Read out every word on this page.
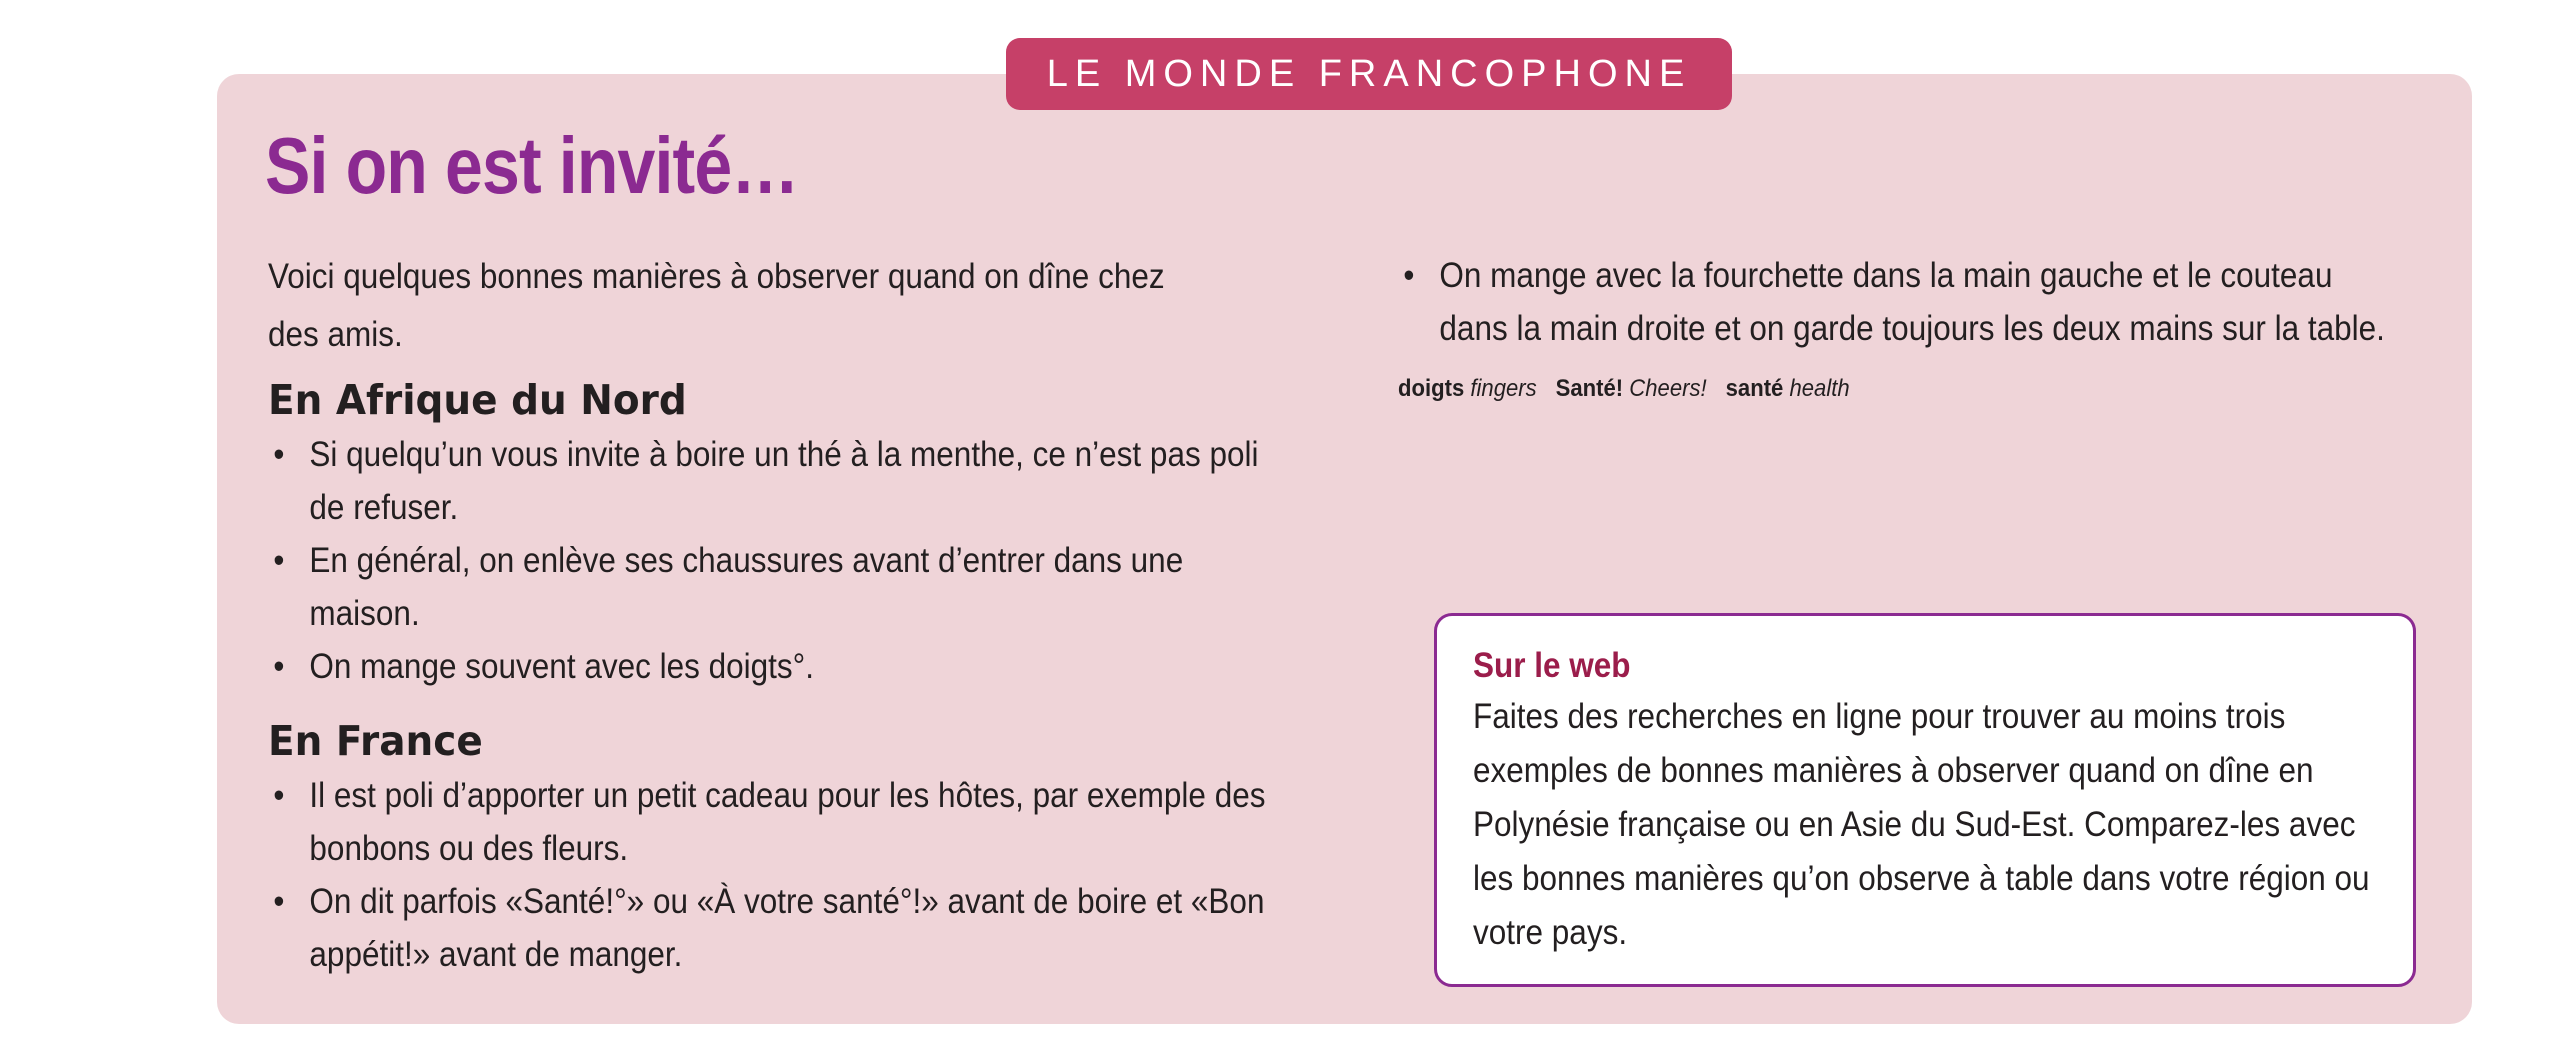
LE MONDE FRANCOPHONE
Si on est invité…

Voici quelques bonnes manières à observer quand on dîne chez des amis.

En Afrique du Nord
• Si quelqu’un vous invite à boire un thé à la menthe, ce n’est pas poli de refuser.
• En général, on enlève ses chaussures avant d’entrer dans une maison.
• On mange souvent avec les doigts°.
En France
• Il est poli d’apporter un petit cadeau pour les hôtes, par exemple des bonbons ou des fleurs.
• On dit parfois «Santé!°» ou «À votre santé°!» avant de boire et «Bon appétit!» avant de manger.
• On mange avec la fourchette dans la main gauche et le couteau dans la main droite et on garde toujours les deux mains sur la table.
doigts fingers Santé! Cheers! santé health

Sur le web

Faites des recherches en ligne pour trouver au moins trois exemples de bonnes manières à observer quand on dîne en Polynésie française ou en Asie du Sud-Est. Comparez-les avec les bonnes manières qu’on observe à table dans votre région ou votre pays.
